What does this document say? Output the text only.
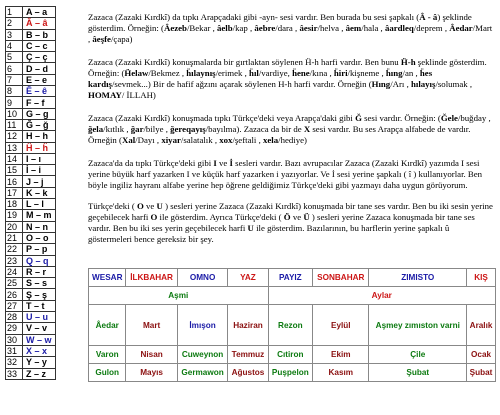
1	A – a
2	Â – â
3	B – b
4	C – c
5	Ç – ç
6	D – d
7	E – e
8	Ê – ê
9	F – f
10	G – g
11	Ğ – ğ
12	H – h
13	Ḧ – ḧ
14	I – ı
15	İ – i
16	J – j
17	K – k
18	L – l
19	M – m
20	N – n
21	O – o
22	P – p
23	Q – q
24	R – r
25	S – s
26	Ş – ş
27	T – t
28	U – u
29	V – v
30	W – w
31	X – x
32	Y – y
33	Z – z

Zazaca (Zazaki Kırdkî) da tıpkı Arapçadaki gibi -ayn- sesi vardır. Ben burada bu sesi şapkalı (Â - â) şeklinde gösterdim. Örneğin: (Âezeb/Bekar , âelb/kap , âebre/dara , âesir/helva , âem/hala , âardleq/deprem , Âedar/Mart , âeşfe/çapa)

Zazaca (Zazaki Kırdkî) konuşmalarda bir gırtlaktan söylenen Ḧ-h harfi vardır. Ben bunu Ḧ-h şeklinde gösterdim. Örneğin: (Ḧelaw/Bekmez , ḧılaynış/erimek , ḧıl/vardiye, ḧene/kına , ḧiri/kişneme , ḧıng/an , ḧes kardış/sevmek...) Bir de hafif ağzını açarak söylenen H-h harfi vardır. Örneğin (Hıng/Arı , hılayış/solumak , HOMAY/ İLLAH)

Zazaca (Zazaki Kırdkî) konuşmada tıpkı Türkçe'deki veya Arapça'daki gibi Ğ sesi vardır. Örneğin: (Ğele/buğday , ğela/kıtlık , ğar/bilye , ğereqayış/bayılma). Zazaca da bir de X sesi vardır. Bu ses Arapça alfabede de vardır. Örneğin (Xal/Dayı , xiyar/salatalık , xox/şeftali , xela/hediye)

Zazaca'da da tıpkı Türkçe'deki gibi I ve İ sesleri vardır. Bazı avrupacılar Zazaca (Zazaki Kırdkî) yazımda I sesi yerine büyük harf yazarken I ve küçük harf yazarken i yazıyorlar. Ve İ sesi yerine şapkalı ( î ) kullanıyorlar. Ben böyle ingiliz hayranı alfabe yerine hep öğrene geldiğimiz Türkçe'deki gibi yazmayı daha uygun görüyorum.

Türkçe'deki ( O ve U ) sesleri yerine Zazaca (Zazaki Kırdkî) konuşmada bir tane ses vardır. Ben bu iki sesin yerine geçebilecek harfi O ile gösterdim. Ayrıca Türkçe'deki ( Ö ve Ü ) sesleri yerine Zazaca konuşmada bir tane ses vardır. Ben bu iki ses yerin geçebilecek harfi U ile gösterdim. Bazılarının, bu harflerin yerine şapkalı û göstermeleri bence gereksiz bir şey.

WESAR	İLKBAHAR	OMNO	YAZ	PAYIZ	SONBAHAR	ZIMISTO	KIŞ
Aşmi				Aylar			
Âedar	Mart	İmışon	Haziran	Rezon	Eylül	Aşmey zımıston varni	Aralık
Varon	Nisan	Cuweynon	Temmuz	Cıtiron	Ekim	Çile	Ocak
Gulon	Mayıs	Germawon	Ağustos	Puşpelon	Kasım	Şubat	Şubat
